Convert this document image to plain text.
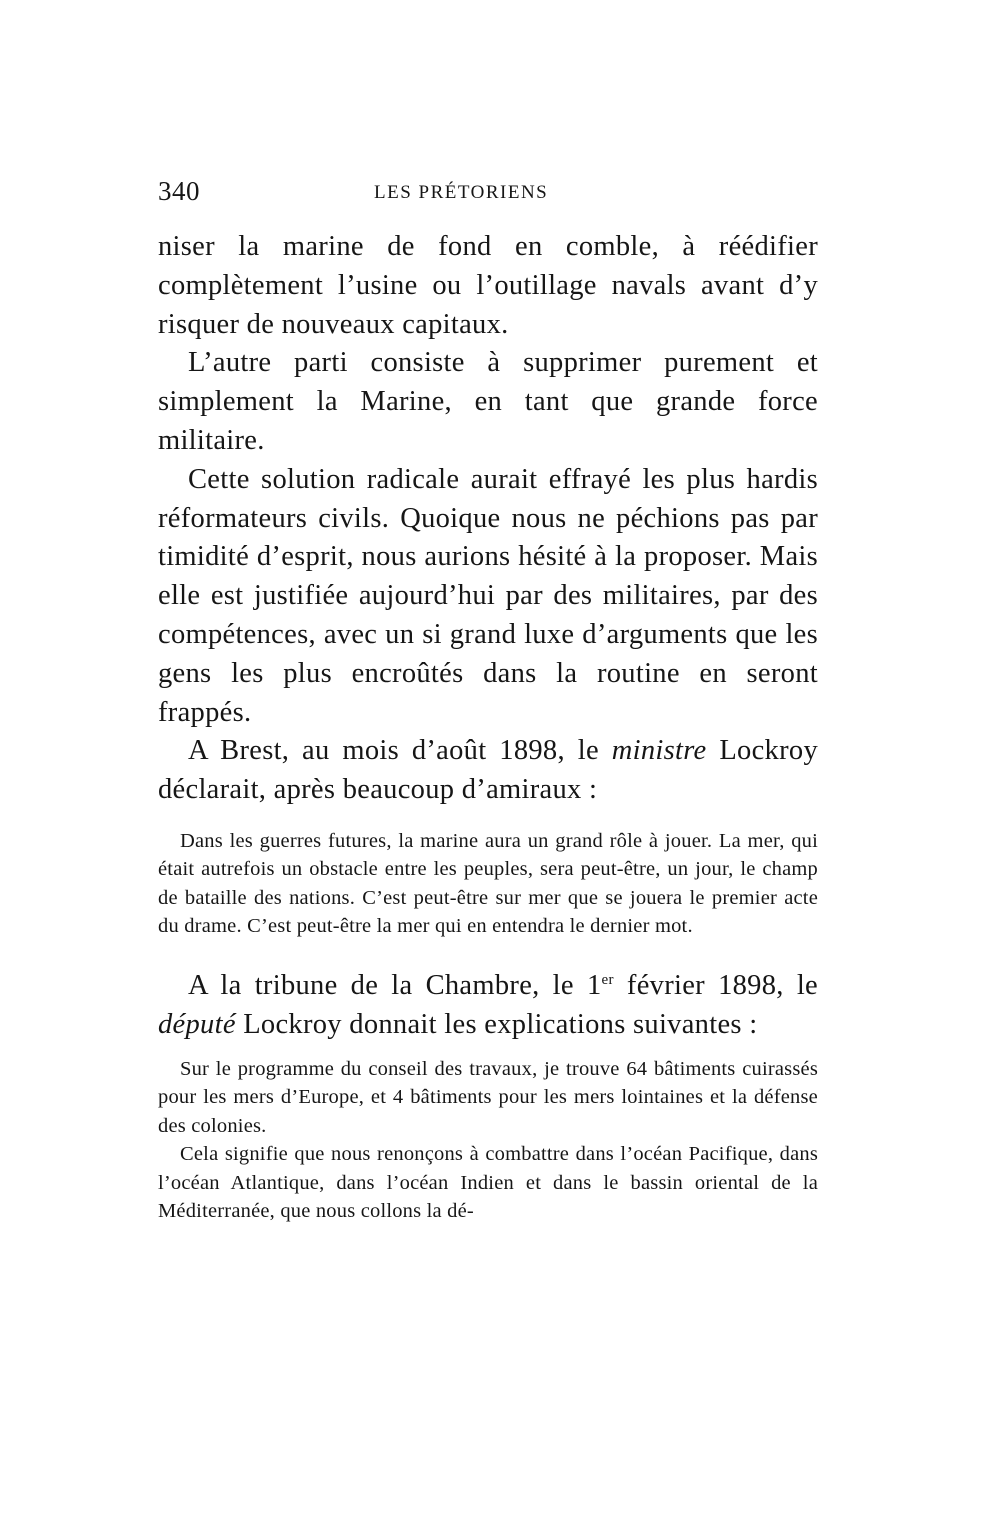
340	LES PRÉTORIENS

niser la marine de fond en comble, à réédifier complètement l’usine ou l’outillage navals avant d’y risquer de nouveaux capitaux.

L’autre parti consiste à supprimer purement et simplement la Marine, en tant que grande force militaire.

Cette solution radicale aurait effrayé les plus hardis réformateurs civils. Quoique nous ne péchions pas par timidité d’esprit, nous aurions hésité à la proposer. Mais elle est justifiée aujourd’hui par des militaires, par des compétences, avec un si grand luxe d’arguments que les gens les plus encroûtés dans la routine en seront frappés.

A Brest, au mois d’août 1898, le ministre Lockroy déclarait, après beaucoup d’amiraux :

Dans les guerres futures, la marine aura un grand rôle à jouer. La mer, qui était autrefois un obstacle entre les peuples, sera peut-être, un jour, le champ de bataille des nations. C’est peut-être sur mer que se jouera le premier acte du drame. C’est peut-être la mer qui en entendra le dernier mot.

A la tribune de la Chambre, le 1er février 1898, le député Lockroy donnait les explications suivantes :

Sur le programme du conseil des travaux, je trouve 64 bâtiments cuirassés pour les mers d’Europe, et 4 bâtiments pour les mers lointaines et la défense des colonies.

Cela signifie que nous renonçons à combattre dans l’océan Pacifique, dans l’océan Atlantique, dans l’océan Indien et dans le bassin oriental de la Méditerranée, que nous collons la dé-
